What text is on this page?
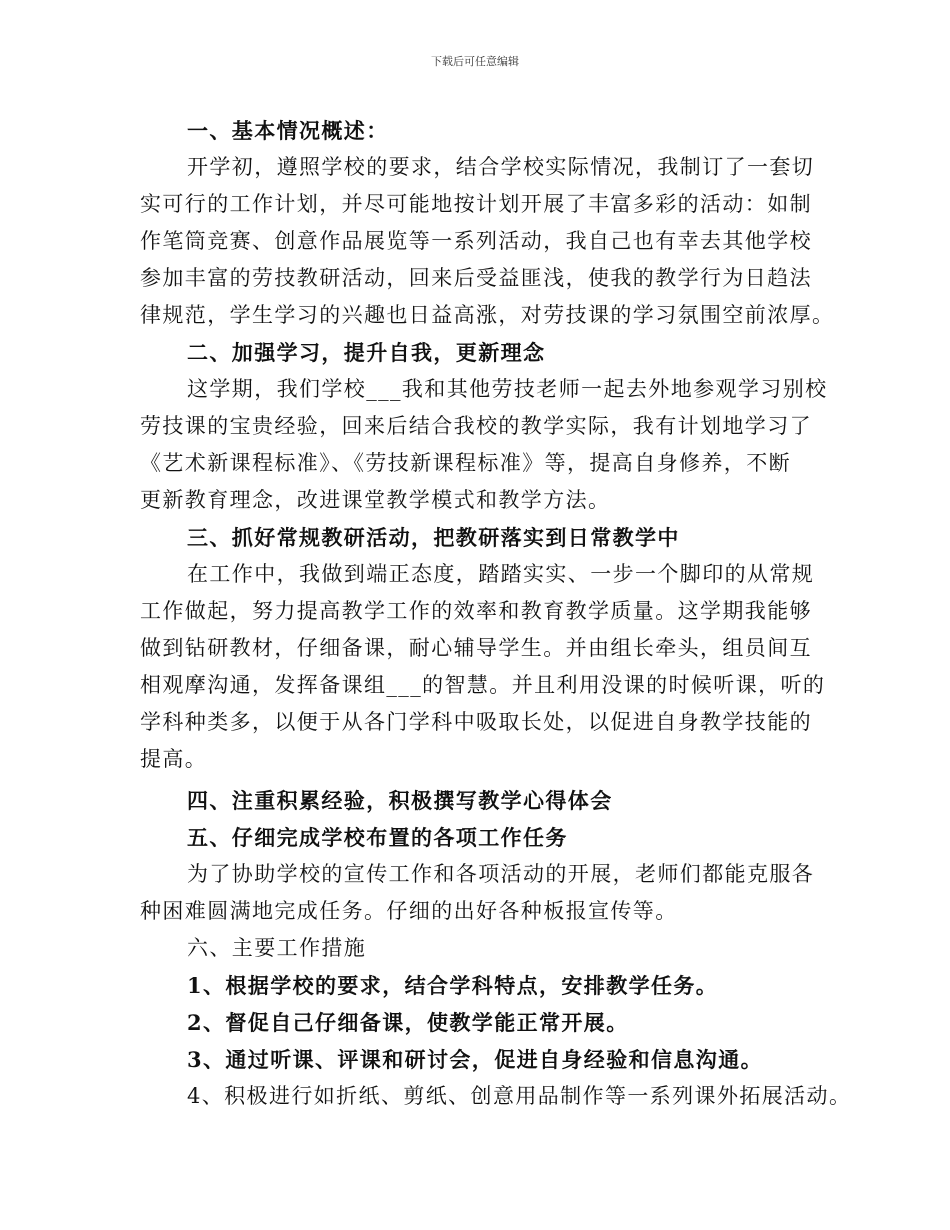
下载后可任意编辑

一、基本情况概述：

开学初，遵照学校的要求，结合学校实际情况，我制订了一套切

实可行的工作计划，并尽可能地按计划开展了丰富多彩的活动：如制

作笔筒竞赛、创意作品展览等一系列活动，我自己也有幸去其他学校

参加丰富的劳技教研活动，回来后受益匪浅，使我的教学行为日趋法

律规范，学生学习的兴趣也日益高涨，对劳技课的学习氛围空前浓厚。

二、加强学习，提升自我，更新理念

这学期，我们学校___我和其他劳技老师一起去外地参观学习别校

劳技课的宝贵经验，回来后结合我校的教学实际，我有计划地学习了

《艺术新课程标准》、《劳技新课程标准》等，提高自身修养，不断

更新教育理念，改进课堂教学模式和教学方法。

三、抓好常规教研活动，把教研落实到日常教学中

在工作中，我做到端正态度，踏踏实实、一步一个脚印的从常规

工作做起，努力提高教学工作的效率和教育教学质量。这学期我能够

做到钻研教材，仔细备课，耐心辅导学生。并由组长牵头，组员间互

相观摩沟通，发挥备课组___的智慧。并且利用没课的时候听课，听的

学科种类多，以便于从各门学科中吸取长处，以促进自身教学技能的

提高。

四、注重积累经验，积极撰写教学心得体会

五、仔细完成学校布置的各项工作任务

为了协助学校的宣传工作和各项活动的开展，老师们都能克服各

种困难圆满地完成任务。仔细的出好各种板报宣传等。

六、主要工作措施

1、根据学校的要求，结合学科特点，安排教学任务。

2、督促自己仔细备课，使教学能正常开展。

3、通过听课、评课和研讨会，促进自身经验和信息沟通。

4、积极进行如折纸、剪纸、创意用品制作等一系列课外拓展活动。
